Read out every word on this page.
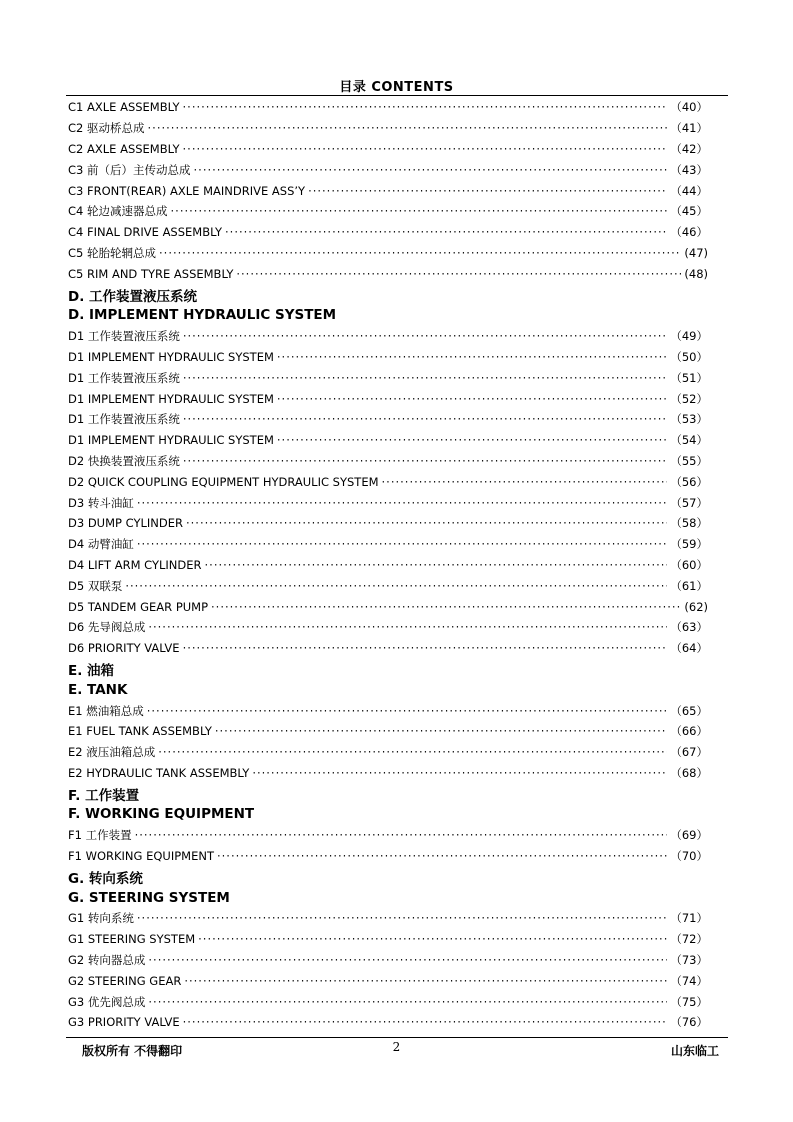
目录 CONTENTS
C1 AXLE ASSEMBLY ·····	（40）
C2 驱动桥总成 ·····	（41）
C2 AXLE ASSEMBLY ·····	（42）
C3 前（后）主传动总成 ·····	（43）
C3 FRONT(REAR) AXLE MAINDRIVE ASS’Y ·····	（44）
C4 轮边减速器总成 ·····	（45）
C4 FINAL DRIVE ASSEMBLY ·····	（46）
C5 轮胎轮辋总成 ·····	(47)
C5 RIM AND TYRE ASSEMBLY ·····	(48)
D. 工作装置液压系统
D. IMPLEMENT HYDRAULIC SYSTEM
D1 工作装置液压系统 ·····	（49）
D1 IMPLEMENT HYDRAULIC SYSTEM ·····	（50）
D1 工作装置液压系统 ·····	（51）
D1 IMPLEMENT HYDRAULIC SYSTEM ·····	（52）
D1 工作装置液压系统 ·····	（53）
D1 IMPLEMENT HYDRAULIC SYSTEM ·····	（54）
D2 快换装置液压系统 ·····	（55）
D2 QUICK COUPLING EQUIPMENT HYDRAULIC SYSTEM ·····	（56）
D3 转斗油缸 ·····	（57）
D3 DUMP CYLINDER ·····	（58）
D4 动臂油缸 ·····	（59）
D4 LIFT ARM CYLINDER ·····	（60）
D5 双联泵 ·····	（61）
D5 TANDEM GEAR PUMP ·····	(62)
D6 先导阀总成 ·····	（63）
D6 PRIORITY VALVE ·····	（64）
E. 油箱
E. TANK
E1 燃油箱总成 ·····	（65）
E1 FUEL TANK ASSEMBLY ·····	（66）
E2 液压油箱总成 ·····	（67）
E2 HYDRAULIC TANK ASSEMBLY ·····	（68）
F. 工作装置
F. WORKING EQUIPMENT
F1 工作装置 ·····	（69）
F1 WORKING EQUIPMENT ·····	（70）
G. 转向系统
G. STEERING SYSTEM
G1 转向系统 ·····	（71）
G1 STEERING SYSTEM ·····	（72）
G2 转向器总成 ·····	（73）
G2 STEERING GEAR ·····	（74）
G3 优先阀总成 ·····	（75）
G3 PRIORITY VALVE ·····	（76）
版权所有 不得翻印	2	山东临工
